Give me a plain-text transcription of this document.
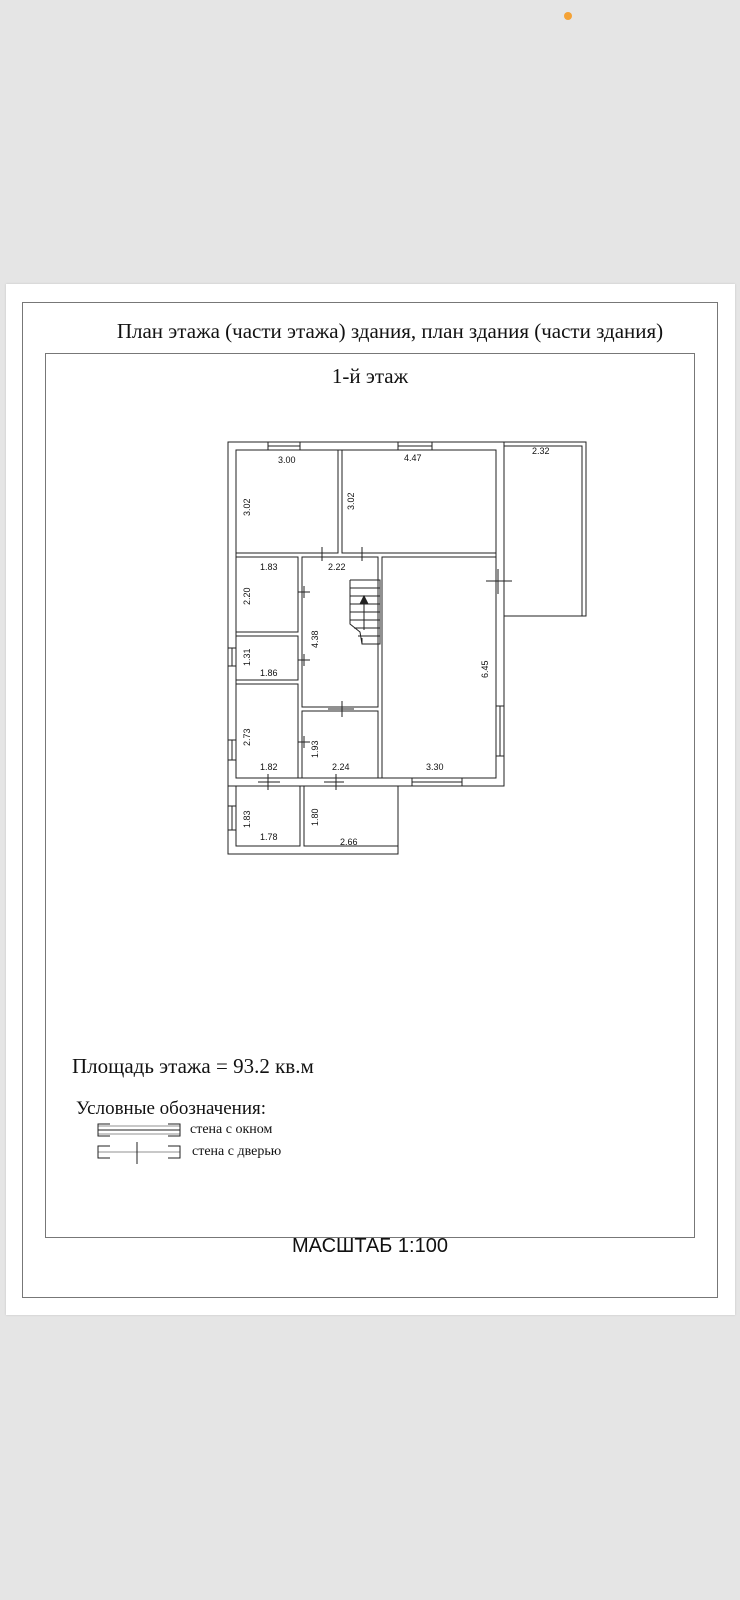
План этажа (части этажа) здания, план здания (части здания)
1-й этаж
3.00
3.02
4.47
3.02
2.32
1.83
2.20
2.22
4.38
1.31
1.86	6.45
2.73
1.82
1.93
2.24	3.30
1.83
1.78
1.80
2.66
Площадь этажа = 93.2 кв.м
Условные обозначения:
стена с окном
стена с дверью
МАСШТАБ 1:100
